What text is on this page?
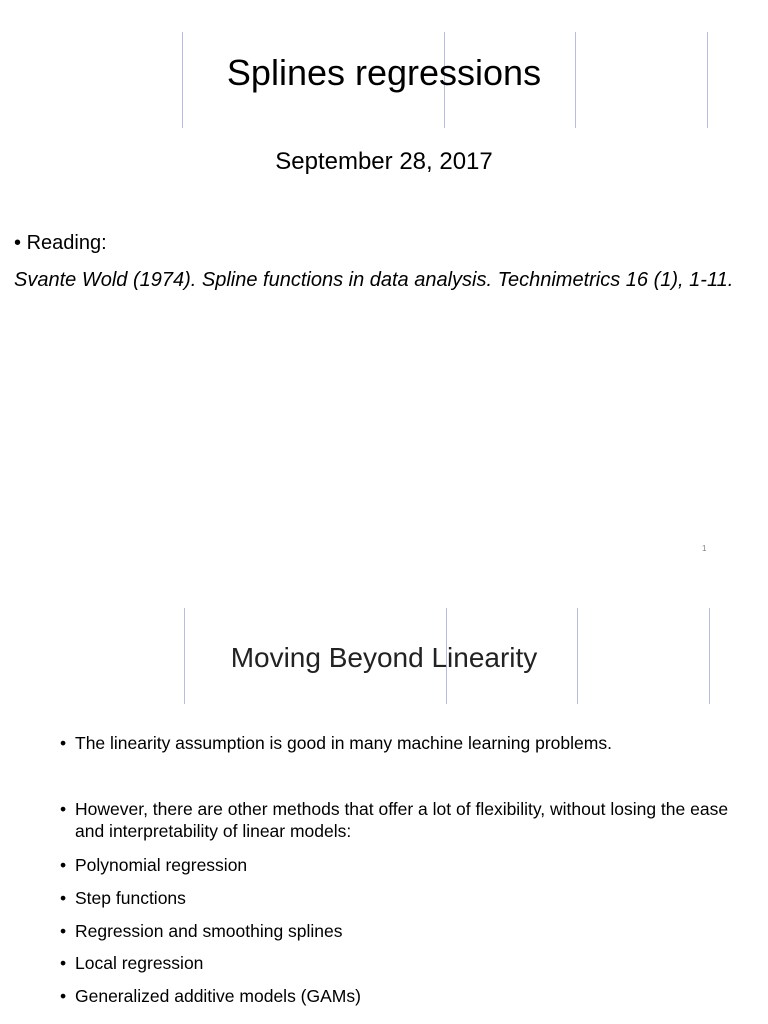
Splines regressions
September 28, 2017
• Reading:
Svante Wold (1974). Spline functions in data analysis. Technimetrics 16 (1), 1-11.
1
Moving Beyond Linearity
• The linearity assumption is good in many machine learning problems.
• However, there are other methods that offer a lot of flexibility, without losing the ease and interpretability of linear models:
• Polynomial regression
• Step functions
• Regression and smoothing splines
• Local regression
• Generalized additive models (GAMs)
